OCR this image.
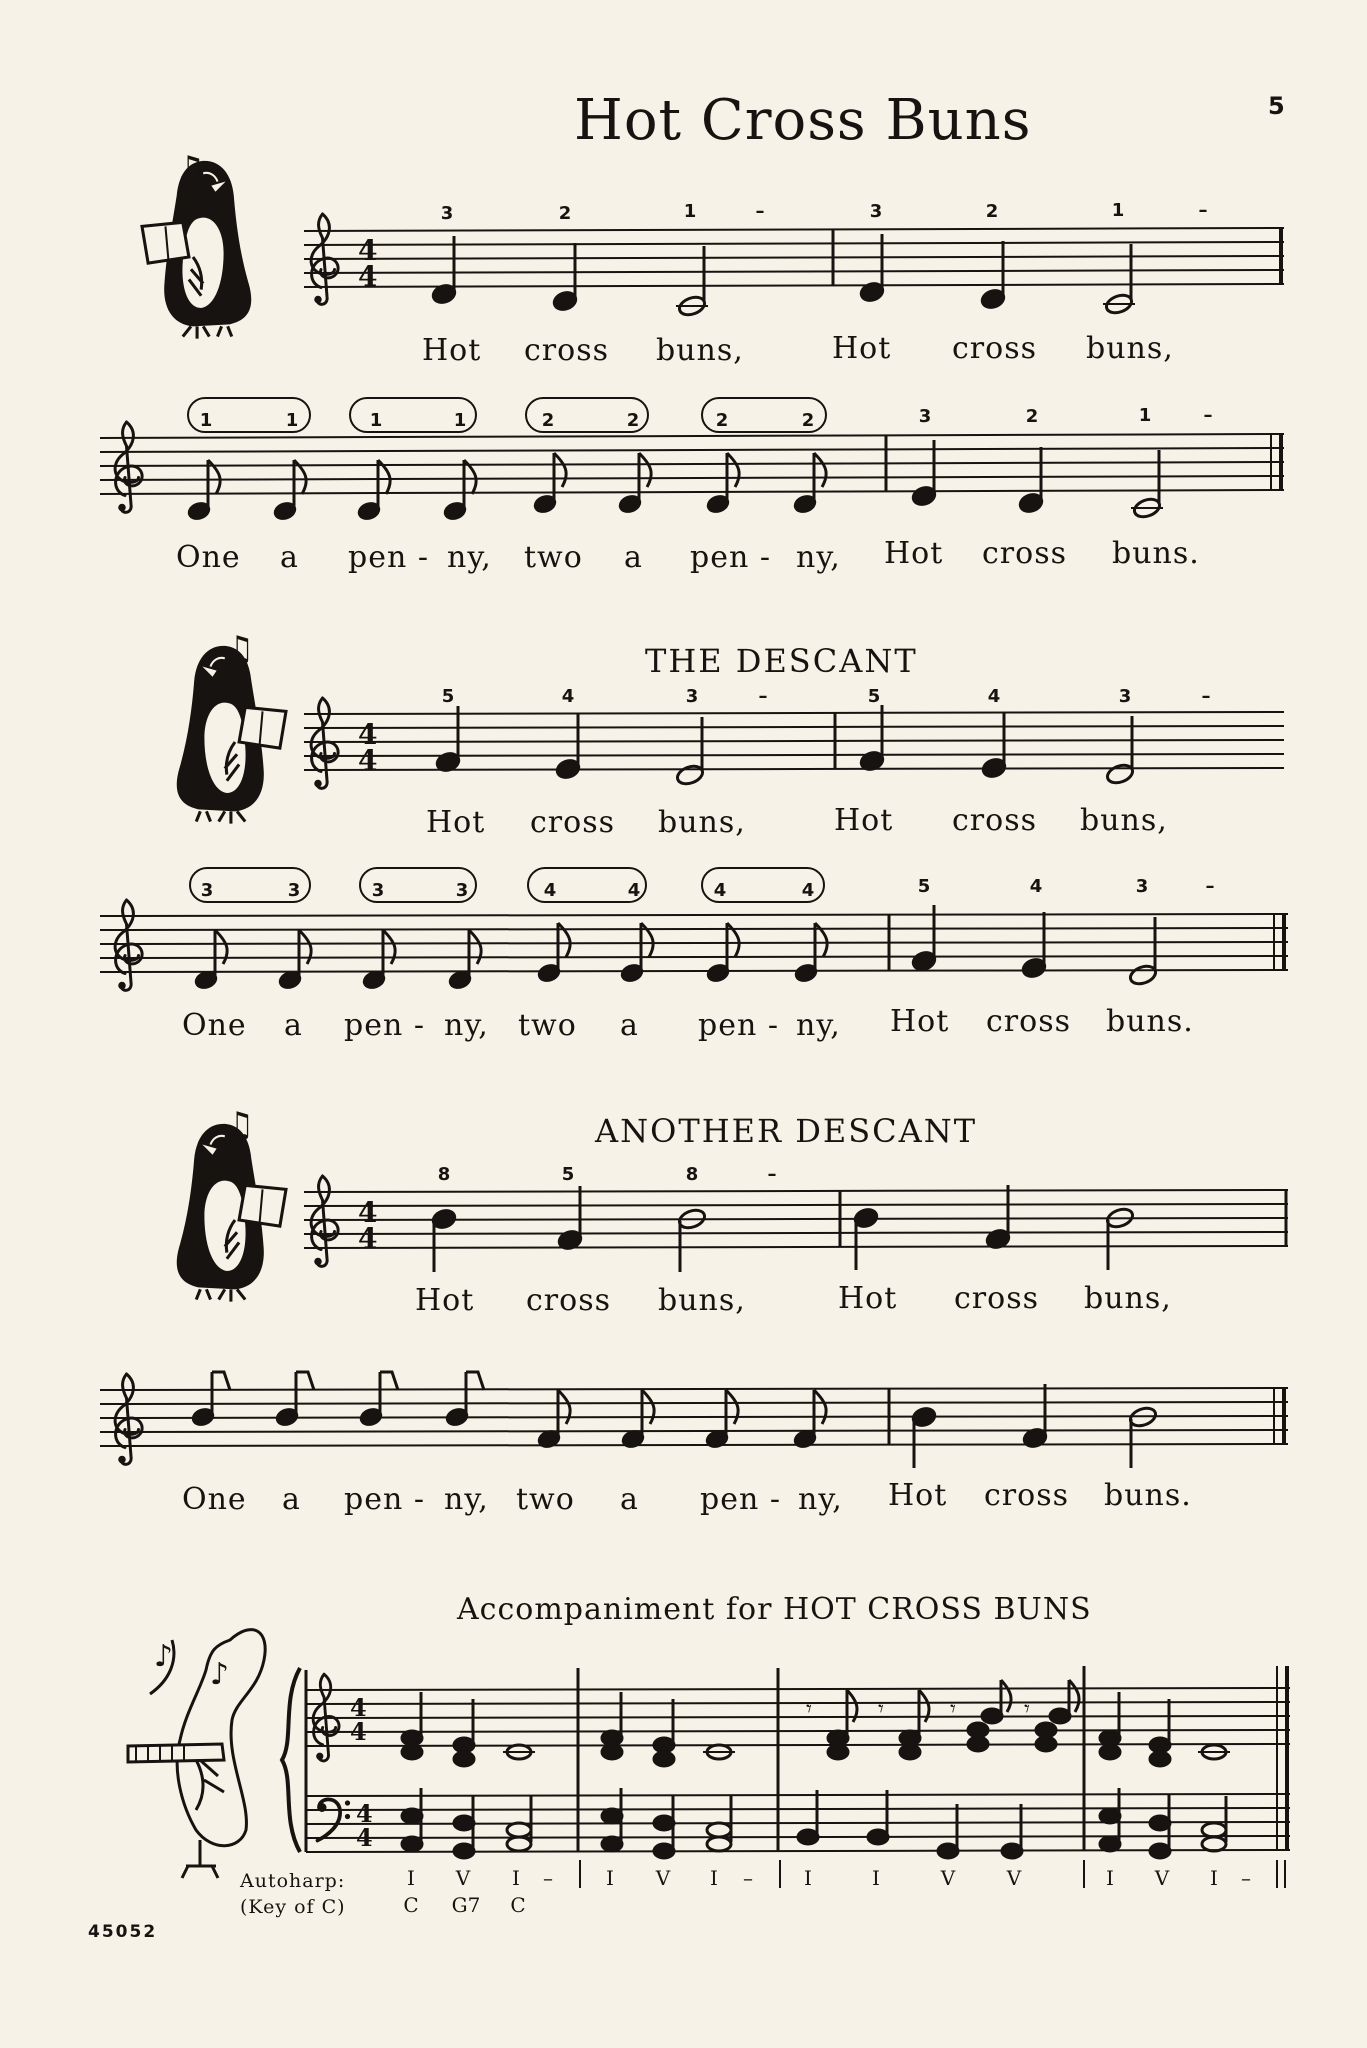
Hot Cross Buns	5
THE DESCANT
ANOTHER DESCANT
Accompaniment for HOT CROSS BUNS
3	2	1	–	3	2	1	–
Hot cross buns,	Hot cross buns,
1	1	1	1	2	2	2	2	3	2	1	–
One a pen - ny, two a pen - ny, Hot cross buns.
5	4	3	–	5	4	3	–
Hot cross buns,	Hot cross buns,
3	3	3	3	4	4	4	4	5	4	3	–
One a pen - ny, two a pen - ny, Hot cross buns.
8	5	8	–
Hot cross buns,	Hot cross buns,
One a pen - ny, two a pen - ny, Hot cross buns.
Autoharp:
(Key of C)
I	V	I	–	I	V	I	–	I	I	V	V	I	V	I	–
C	G7	C
45052
♫
4
4
♫
4
4
♫
4
4
♪
♪
4
4
4
4
𝄾	𝄾	𝄾	𝄾
